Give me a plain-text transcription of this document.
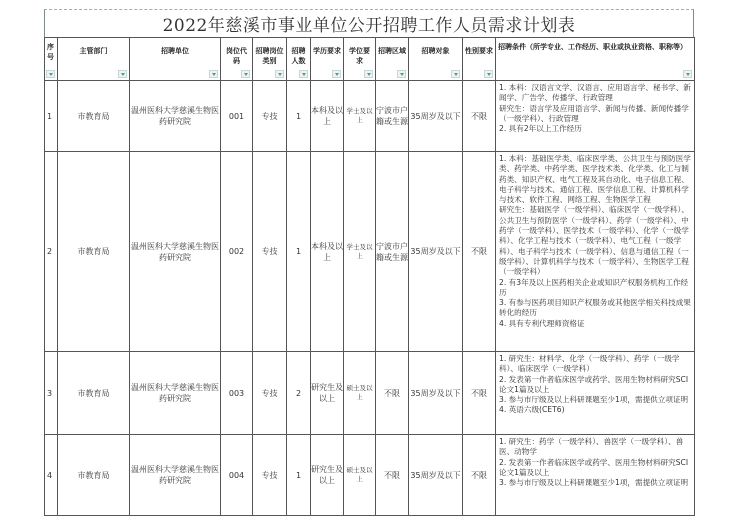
2022年慈溪市事业单位公开招聘工作人员需求计划表
序号	主管部门	招聘单位	岗位代码	招聘岗位类别	招聘人数	学历要求	学位要求	招聘区域	招聘对象	性别要求	招聘条件（所学专业、工作经历、职业或执业资格、职称等）

1	市教育局	温州医科大学慈溪生物医药研究院	001	专技	1	本科及以上	学士及以上	宁波市户籍或生源	35周岁及以下	不限	1. 本科：汉语言文学、汉语言、应用语言学、秘书学、新闻学、广告学、传播学、行政管理
研究生：语言学及应用语言学、新闻与传播、新闻传播学（一级学科）、行政管理
2. 具有2年以上工作经历

2	市教育局	温州医科大学慈溪生物医药研究院	002	专技	1	本科及以上	学士及以上	宁波市户籍或生源	35周岁及以下	不限	1. 本科：基础医学类、临床医学类、公共卫生与预防医学类、药学类、中药学类、医学技术类、化学类、化工与制药类、知识产权、电气工程及其自动化、电子信息工程、电子科学与技术、通信工程、医学信息工程、计算机科学与技术、软件工程、网络工程、生物医学工程
研究生：基础医学（一级学科）、临床医学（一级学科）、公共卫生与预防医学（一级学科）、药学（一级学科）、中药学（一级学科）、医学技术（一级学科）、化学（一级学科）、化学工程与技术（一级学科）、电气工程（一级学科）、电子科学与技术（一级学科）、信息与通信工程（一级学科）、计算机科学与技术（一级学科）、生物医学工程（一级学科）
2. 有3年及以上医药相关企业或知识产权服务机构工作经历
3. 有参与医药项目知识产权服务或其他医学相关科技成果转化的经历
4. 具有专利代理师资格证

3	市教育局	温州医科大学慈溪生物医药研究院	003	专技	2	研究生及以上	硕士及以上	不限	35周岁及以下	不限	1. 研究生：材料学、化学（一级学科）、药学（一级学科）、临床医学（一级学科）
2. 发表第一作者临床医学或药学、医用生物材料研究SCI论文1篇及以上
3. 参与市厅级及以上科研课题至少1项，需提供立项证明
4. 英语六级(CET6)

4	市教育局	温州医科大学慈溪生物医药研究院	004	专技	1	研究生及以上	硕士及以上	不限	35周岁及以下	不限	1. 研究生：药学（一级学科）、兽医学（一级学科）、兽医、动物学
2. 发表第一作者临床医学或药学、医用生物材料研究SCI论文1篇及以上
3. 参与市厅级及以上科研课题至少1项，需提供立项证明
